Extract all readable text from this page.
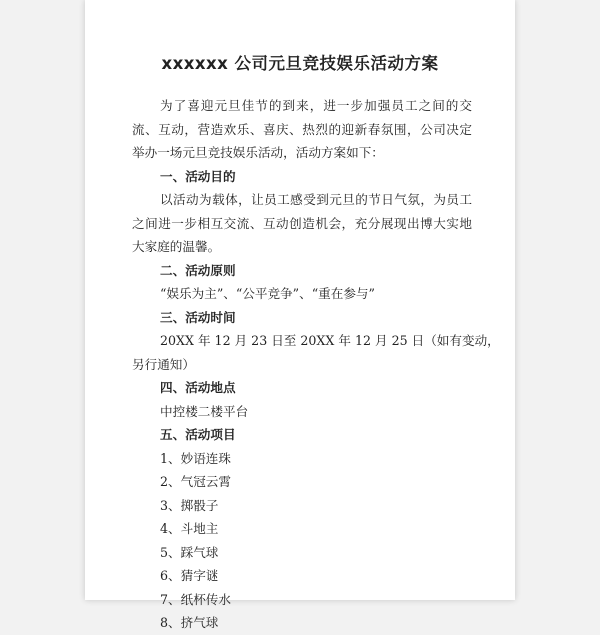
xxxxxx 公司元旦竞技娱乐活动方案
为了喜迎元旦佳节的到来，进一步加强员工之间的交
流、互动，营造欢乐、喜庆、热烈的迎新春氛围，公司决定
举办一场元旦竞技娱乐活动，活动方案如下：
一、活动目的
以活动为载体，让员工感受到元旦的节日气氛，为员工
之间进一步相互交流、互动创造机会，充分展现出博大实地
大家庭的温馨。
二、活动原则
“娱乐为主”、“公平竞争”、“重在参与”
三、活动时间
20XX 年 12 月 23 日至 20XX 年 12 月 25 日（如有变动，
另行通知）
四、活动地点
中控楼二楼平台
五、活动项目
1、妙语连珠
2、气冠云霄
3、掷骰子
4、斗地主
5、踩气球
6、猜字谜
7、纸杯传水
8、挤气球
